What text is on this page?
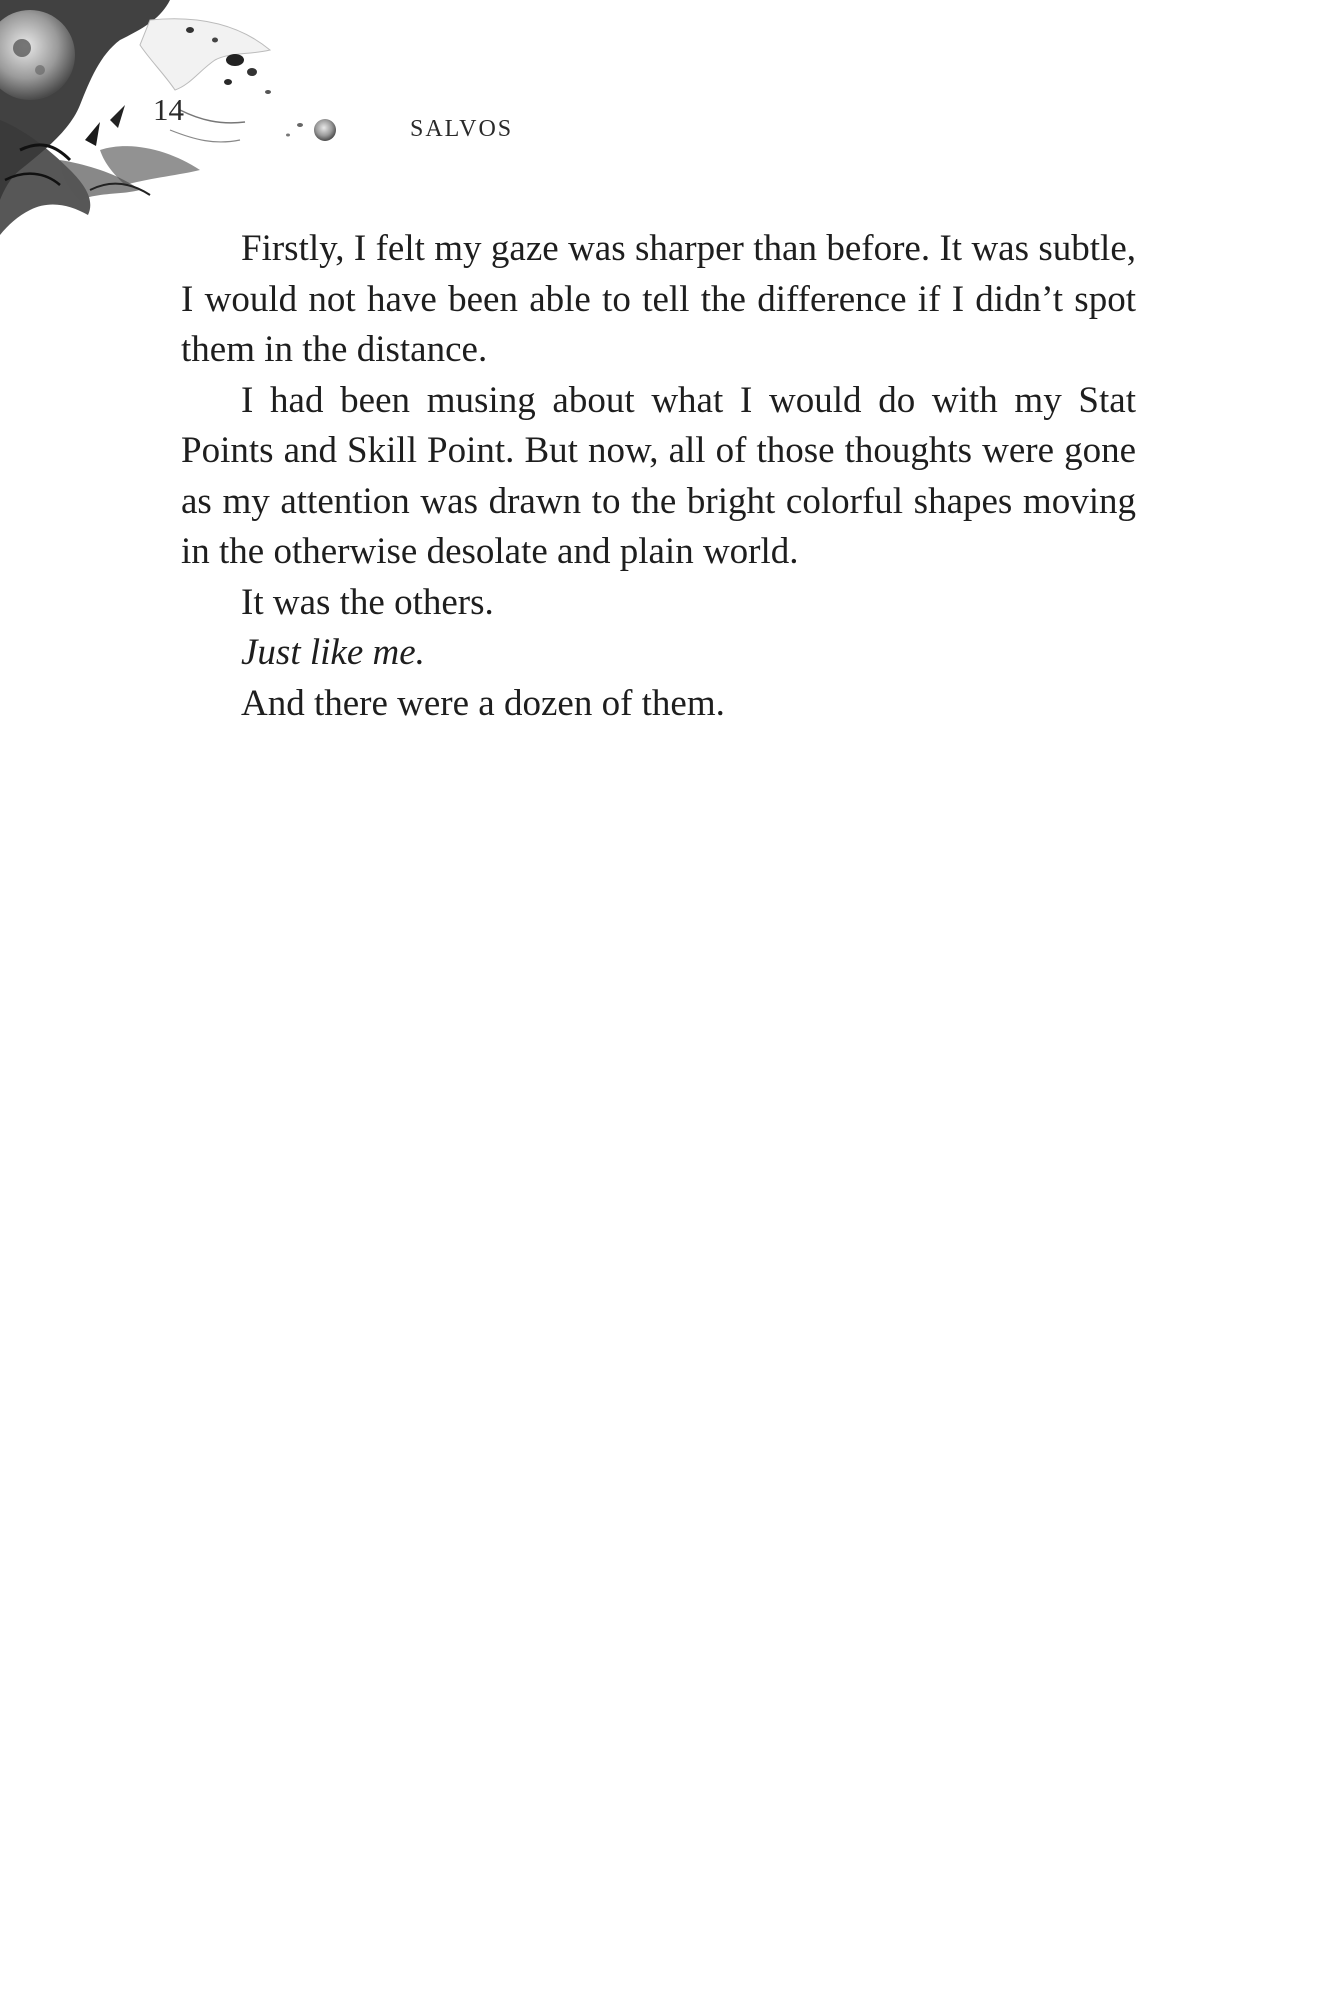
14
SALVOS

Firstly, I felt my gaze was sharper than before. It was subtle, I would not have been able to tell the difference if I didn’t spot them in the distance.

I had been musing about what I would do with my Stat Points and Skill Point. But now, all of those thoughts were gone as my attention was drawn to the bright colorful shapes moving in the otherwise desolate and plain world.

It was the others.

Just like me.

And there were a dozen of them.
